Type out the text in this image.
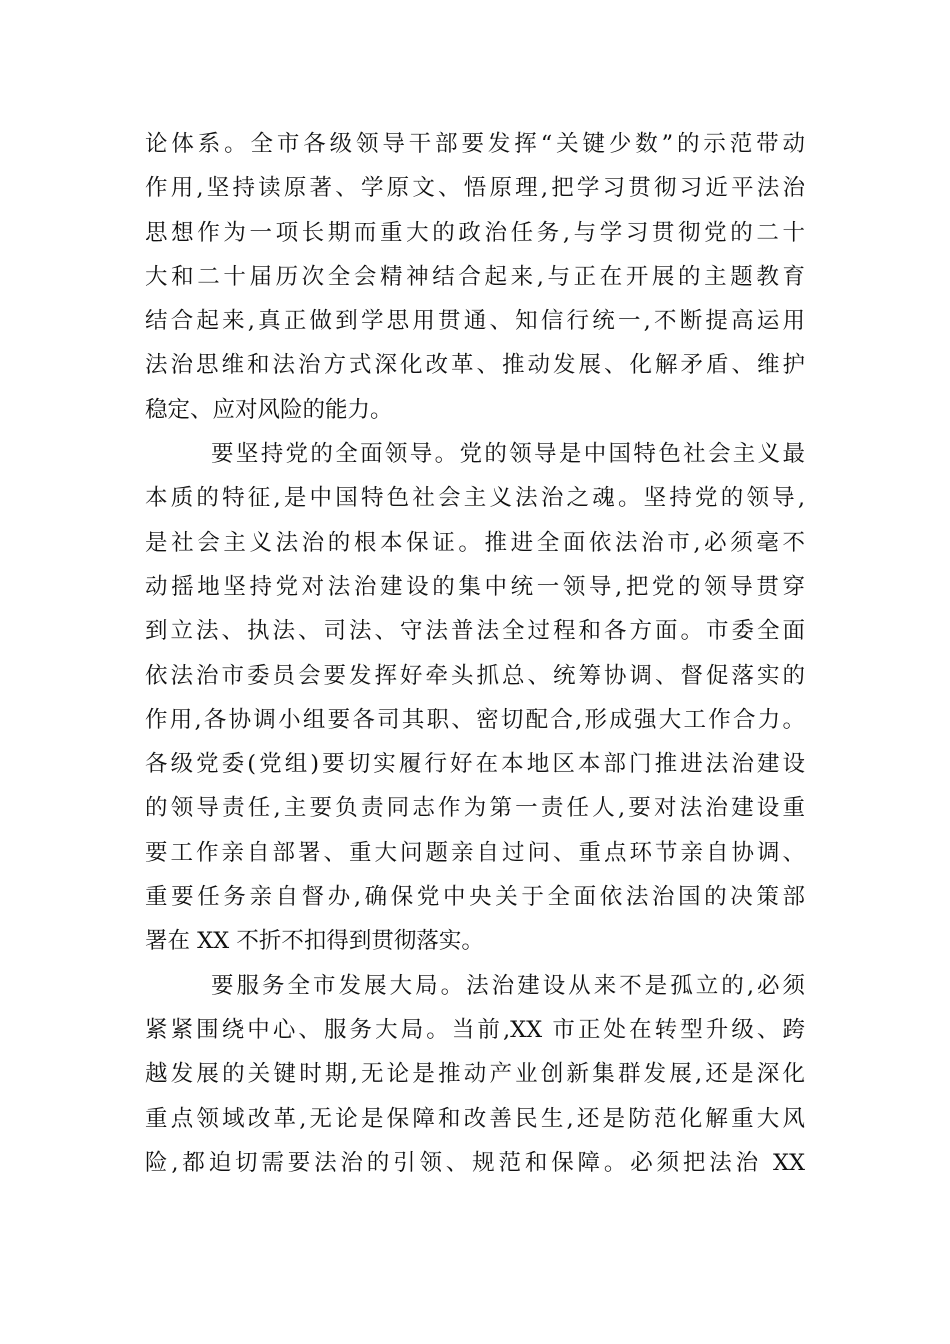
论体系。全市各级领导干部要发挥“关键少数”的示范带动
作用,坚持读原著、学原文、悟原理,把学习贯彻习近平法治
思想作为一项长期而重大的政治任务,与学习贯彻党的二十
大和二十届历次全会精神结合起来,与正在开展的主题教育
结合起来,真正做到学思用贯通、知信行统一,不断提高运用
法治思维和法治方式深化改革、推动发展、化解矛盾、维护
稳定、应对风险的能力。
要坚持党的全面领导。党的领导是中国特色社会主义最
本质的特征,是中国特色社会主义法治之魂。坚持党的领导,
是社会主义法治的根本保证。推进全面依法治市,必须毫不
动摇地坚持党对法治建设的集中统一领导,把党的领导贯穿
到立法、执法、司法、守法普法全过程和各方面。市委全面
依法治市委员会要发挥好牵头抓总、统筹协调、督促落实的
作用,各协调小组要各司其职、密切配合,形成强大工作合力。
各级党委(党组)要切实履行好在本地区本部门推进法治建设
的领导责任,主要负责同志作为第一责任人,要对法治建设重
要工作亲自部署、重大问题亲自过问、重点环节亲自协调、
重要任务亲自督办,确保党中央关于全面依法治国的决策部
署在 XX 不折不扣得到贯彻落实。
要服务全市发展大局。法治建设从来不是孤立的,必须
紧紧围绕中心、服务大局。当前,XX 市正处在转型升级、跨
越发展的关键时期,无论是推动产业创新集群发展,还是深化
重点领域改革,无论是保障和改善民生,还是防范化解重大风
险,都迫切需要法治的引领、规范和保障。必须把法治 XX
